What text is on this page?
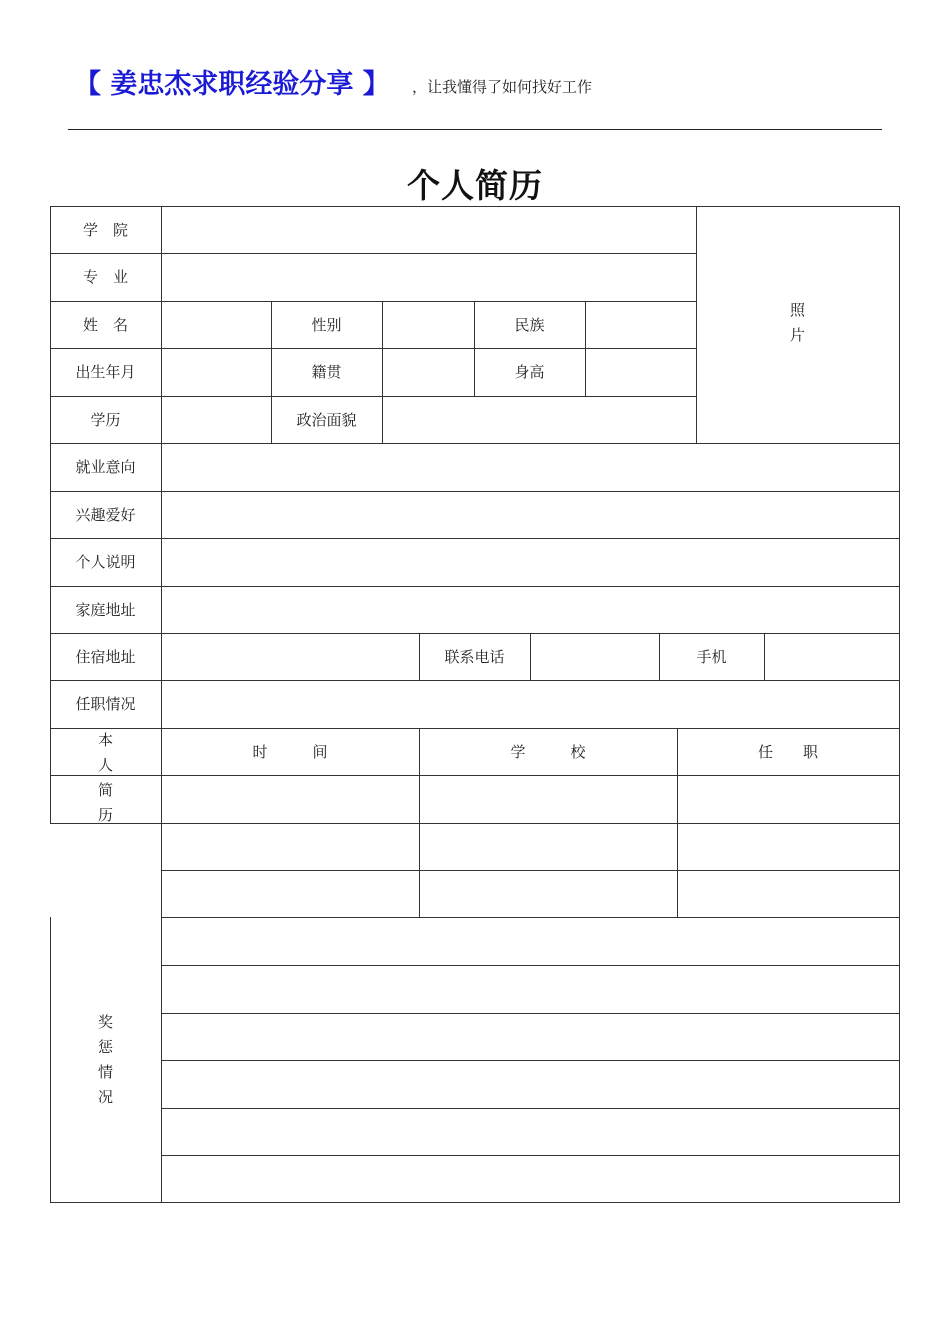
【 姜忠杰求职经验分享 】 ，让我懂得了如何找好工作
个人简历
学　院
专　业
姓　名	性别	民族
出生年月	籍贯	身高
学历	政治面貌
照
片
就业意向
兴趣爱好
个人说明
家庭地址
住宿地址	联系电话	手机
任职情况
本
人
简
历
时　　　间	学　　　校	任　　职
奖
惩
情
况
